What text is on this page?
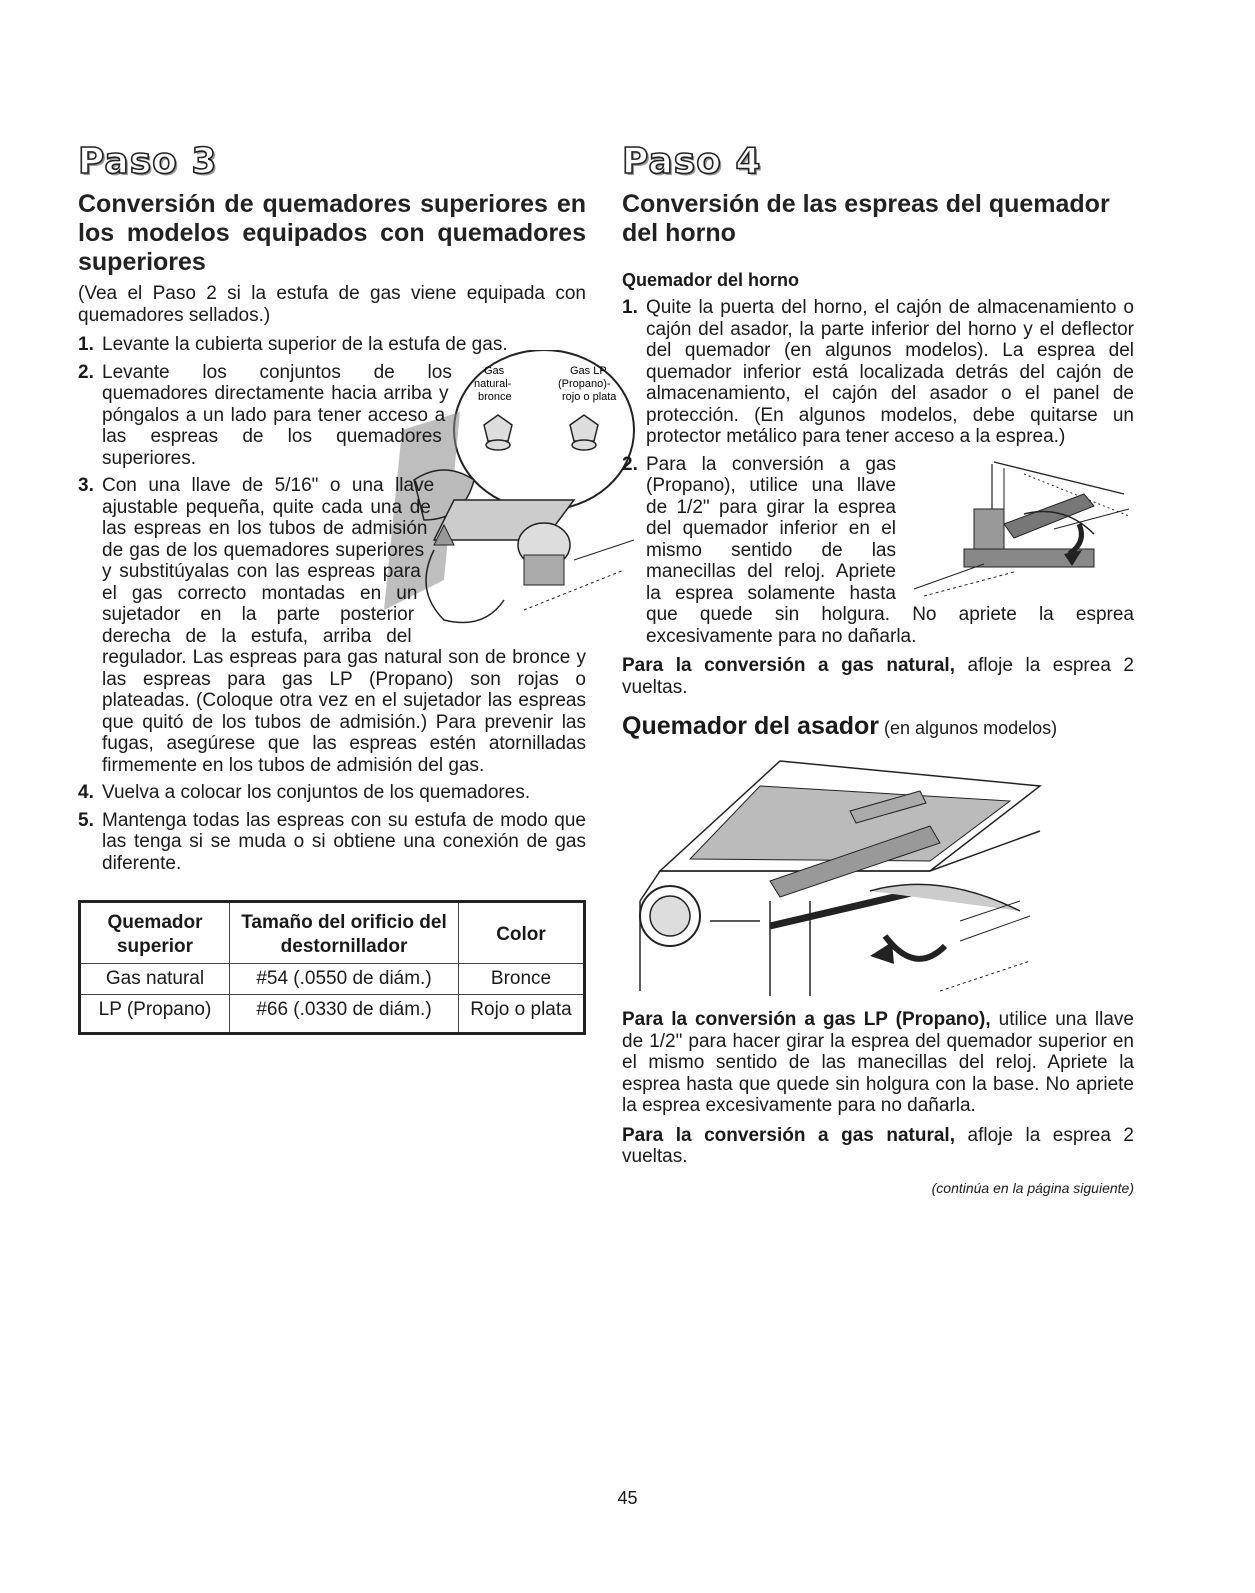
Paso 3
Conversión de quemadores superiores en los modelos equipados con quemadores superiores

(Vea el Paso 2 si la estufa de gas viene equipada con quemadores sellados.)

1. Levante la cubierta superior de la estufa de gas.
Gas
natural-
bronce
Gas LP
(Propano)-
rojo o plata
2. Levante los conjuntos de los quemadores directamente hacia arriba y póngalos a un lado para tener acceso a las espreas de los quemadores superiores.
3. Con una llave de 5/16" o una llave ajustable pequeña, quite cada una de las espreas en los tubos de admisión de gas de los quemadores superiores y substitúyalas con las espreas para el gas correcto montadas en un sujetador en la parte posterior derecha de la estufa, arriba del regulador. Las espreas para gas natural son de bronce y las espreas para gas LP (Propano) son rojas o plateadas. (Coloque otra vez en el sujetador las espreas que quitó de los tubos de admisión.) Para prevenir las fugas, asegúrese que las espreas estén atornilladas firmemente en los tubos de admisión del gas.
4. Vuelva a colocar los conjuntos de los quemadores.
5. Mantenga todas las espreas con su estufa de modo que las tenga si se muda o si obtiene una conexión de gas diferente.
Quemador superior	Tamaño del orificio del destornillador	Color
Gas natural	#54 (.0550 de diám.)	Bronce
LP (Propano)	#66 (.0330 de diám.)	Rojo o plata
Paso 4
Conversión de las espreas del quemador del horno
Quemador del horno
1. Quite la puerta del horno, el cajón de almacenamiento o cajón del asador, la parte inferior del horno y el deflector del quemador (en algunos modelos). La esprea del quemador inferior está localizada detrás del cajón de almacenamiento, el cajón del asador o el panel de protección. (En algunos modelos, debe quitarse un protector metálico para tener acceso a la esprea.)
2. Para la conversión a gas (Propano), utilice una llave de 1/2" para girar la esprea del quemador inferior en el mismo sentido de las manecillas del reloj. Apriete la esprea solamente hasta que quede sin holgura. No apriete la esprea excesivamente para no dañarla.

Para la conversión a gas natural, afloje la esprea 2 vueltas.

Quemador del asador (en algunos modelos)

Para la conversión a gas LP (Propano), utilice una llave de 1/2" para hacer girar la esprea del quemador superior en el mismo sentido de las manecillas del reloj. Apriete la esprea hasta que quede sin holgura con la base. No apriete la esprea excesivamente para no dañarla.

Para la conversión a gas natural, afloje la esprea 2 vueltas.

(continúa en la página siguiente)
45
